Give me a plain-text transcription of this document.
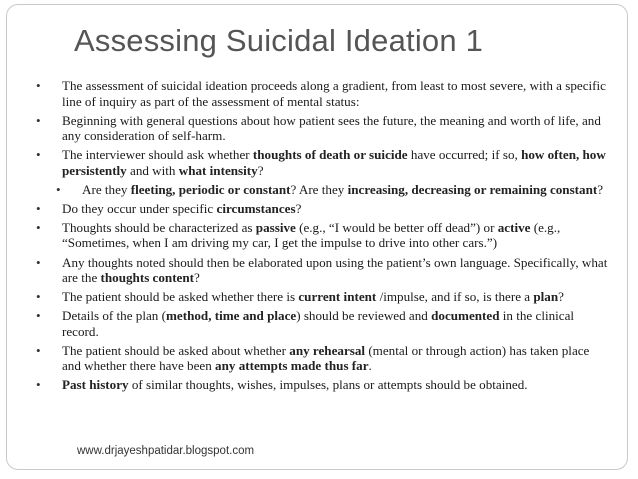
Assessing Suicidal Ideation 1
• The assessment of suicidal ideation proceeds along a gradient, from least to most severe, with a specific line of inquiry as part of the assessment of mental status:
• Beginning with general questions about how patient sees the future, the meaning and worth of life, and any consideration of self-harm.
• The interviewer should ask whether thoughts of death or suicide have occurred; if so, how often, how persistently and with what intensity?
• Are they fleeting, periodic or constant? Are they increasing, decreasing or remaining constant?
• Do they occur under specific circumstances?
• Thoughts should be characterized as passive (e.g., “I would be better off dead”) or active (e.g., “Sometimes, when I am driving my car, I get the impulse to drive into other cars.”)
• Any thoughts noted should then be elaborated upon using the patient’s own language. Specifically, what are the thoughts content?
• The patient should be asked whether there is current intent /impulse, and if so, is there a plan?
• Details of the plan (method, time and place) should be reviewed and documented in the clinical record.
• The patient should be asked about whether any rehearsal (mental or through action) has taken place and whether there have been any attempts made thus far.
• Past history of similar thoughts, wishes, impulses, plans or attempts should be obtained.
www.drjayeshpatidar.blogspot.com
